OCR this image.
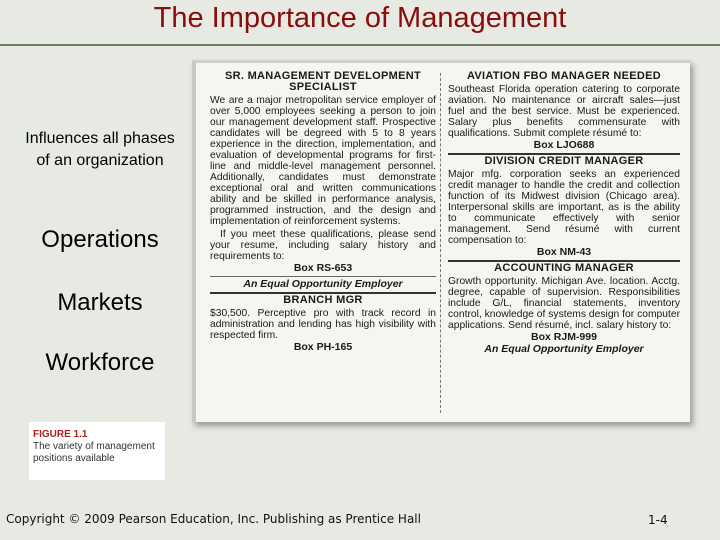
The Importance of Management
Influences all phases of an organization
Operations
Markets
Workforce
FIGURE 1.1
The variety of management positions available
SR. MANAGEMENT DEVELOPMENT SPECIALIST
We are a major metropolitan service employer of over 5,000 employees seeking a person to join our management development staff. Prospective candidates will be degreed with 5 to 8 years experience in the direction, implementation, and evaluation of developmental programs for first-line and middle-level management personnel. Additionally, candidates must demonstrate exceptional oral and written communications ability and be skilled in performance analysis, programmed instruction, and the design and implementation of reinforcement systems.
If you meet these qualifications, please send your resume, including salary history and requirements to:
Box RS-653
An Equal Opportunity Employer
BRANCH MGR
$30,500. Perceptive pro with track record in administration and lending has high visibility with respected firm.
Box PH-165
AVIATION FBO MANAGER NEEDED
Southeast Florida operation catering to corporate aviation. No maintenance or aircraft sales—just fuel and the best service. Must be experienced. Salary plus benefits commensurate with qualifications. Submit complete résumé to:
Box LJO688
DIVISION CREDIT MANAGER
Major mfg. corporation seeks an experienced credit manager to handle the credit and collection function of its Midwest division (Chicago area). Interpersonal skills are important, as is the ability to communicate effectively with senior management. Send résumé with current compensation to:
Box NM-43
ACCOUNTING MANAGER
Growth opportunity. Michigan Ave. location. Acctg. degree, capable of supervision. Responsibilities include G/L, financial statements, inventory control, knowledge of systems design for computer applications. Send résumé, incl. salary history to:
Box RJM-999
An Equal Opportunity Employer
Copyright © 2009 Pearson Education, Inc. Publishing as Prentice Hall	1-4
